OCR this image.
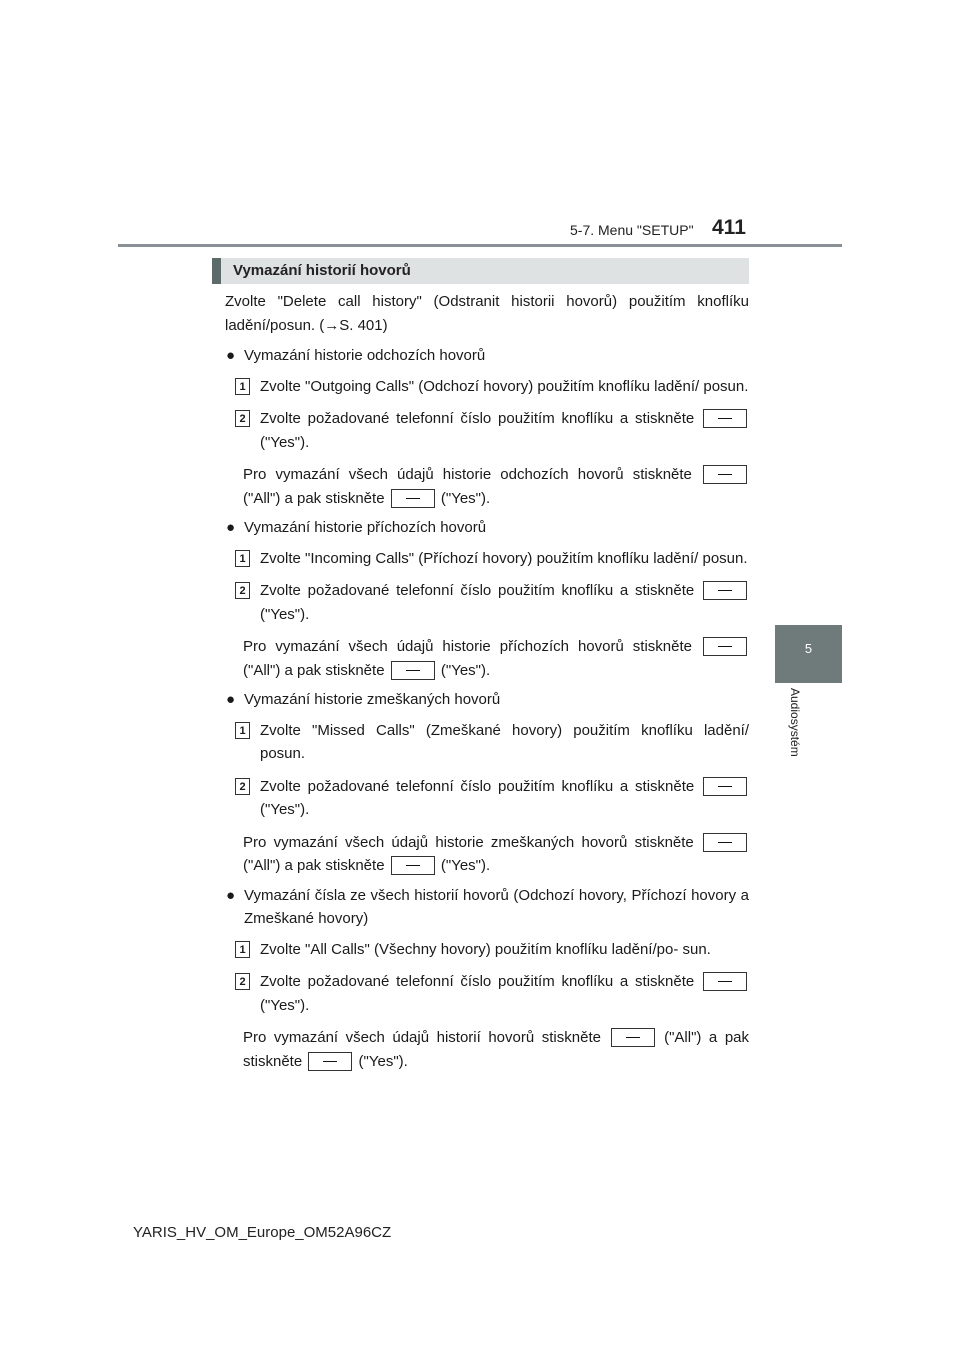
5-7. Menu "SETUP" 411
5
Audiosystém
Vymazání historií hovorů

Zvolte "Delete call history" (Odstranit historii hovorů) použitím knoflíku ladění/posun. (→S. 401)

● Vymazání historie odchozích hovorů

1 Zvolte "Outgoing Calls" (Odchozí hovory) použitím knoflíku ladění/ posun.

2 Zvolte požadované telefonní číslo použitím knoflíku a stiskněte  ("Yes").

Pro vymazání všech údajů historie odchozích hovorů stiskněte  ("All") a pak stiskněte	("Yes").

● Vymazání historie příchozích hovorů

1 Zvolte "Incoming Calls" (Příchozí hovory) použitím knoflíku ladění/ posun.

2 Zvolte požadované telefonní číslo použitím knoflíku a stiskněte  ("Yes").

Pro vymazání všech údajů historie příchozích hovorů stiskněte  ("All") a pak stiskněte	("Yes").

● Vymazání historie zmeškaných hovorů

1 Zvolte "Missed Calls" (Zmeškané hovory) použitím knoflíku ladění/ posun.

2 Zvolte požadované telefonní číslo použitím knoflíku a stiskněte  ("Yes").

Pro vymazání všech údajů historie zmeškaných hovorů stiskněte  ("All") a pak stiskněte	("Yes").

● Vymazání čísla ze všech historií hovorů (Odchozí hovory, Příchozí hovory a Zmeškané hovory)

1 Zvolte "All Calls" (Všechny hovory) použitím knoflíku ladění/po- sun.

2 Zvolte požadované telefonní číslo použitím knoflíku a stiskněte  ("Yes").

Pro vymazání všech údajů historií hovorů stiskněte	("All") a pak stiskněte	("Yes").

YARIS_HV_OM_Europe_OM52A96CZ
